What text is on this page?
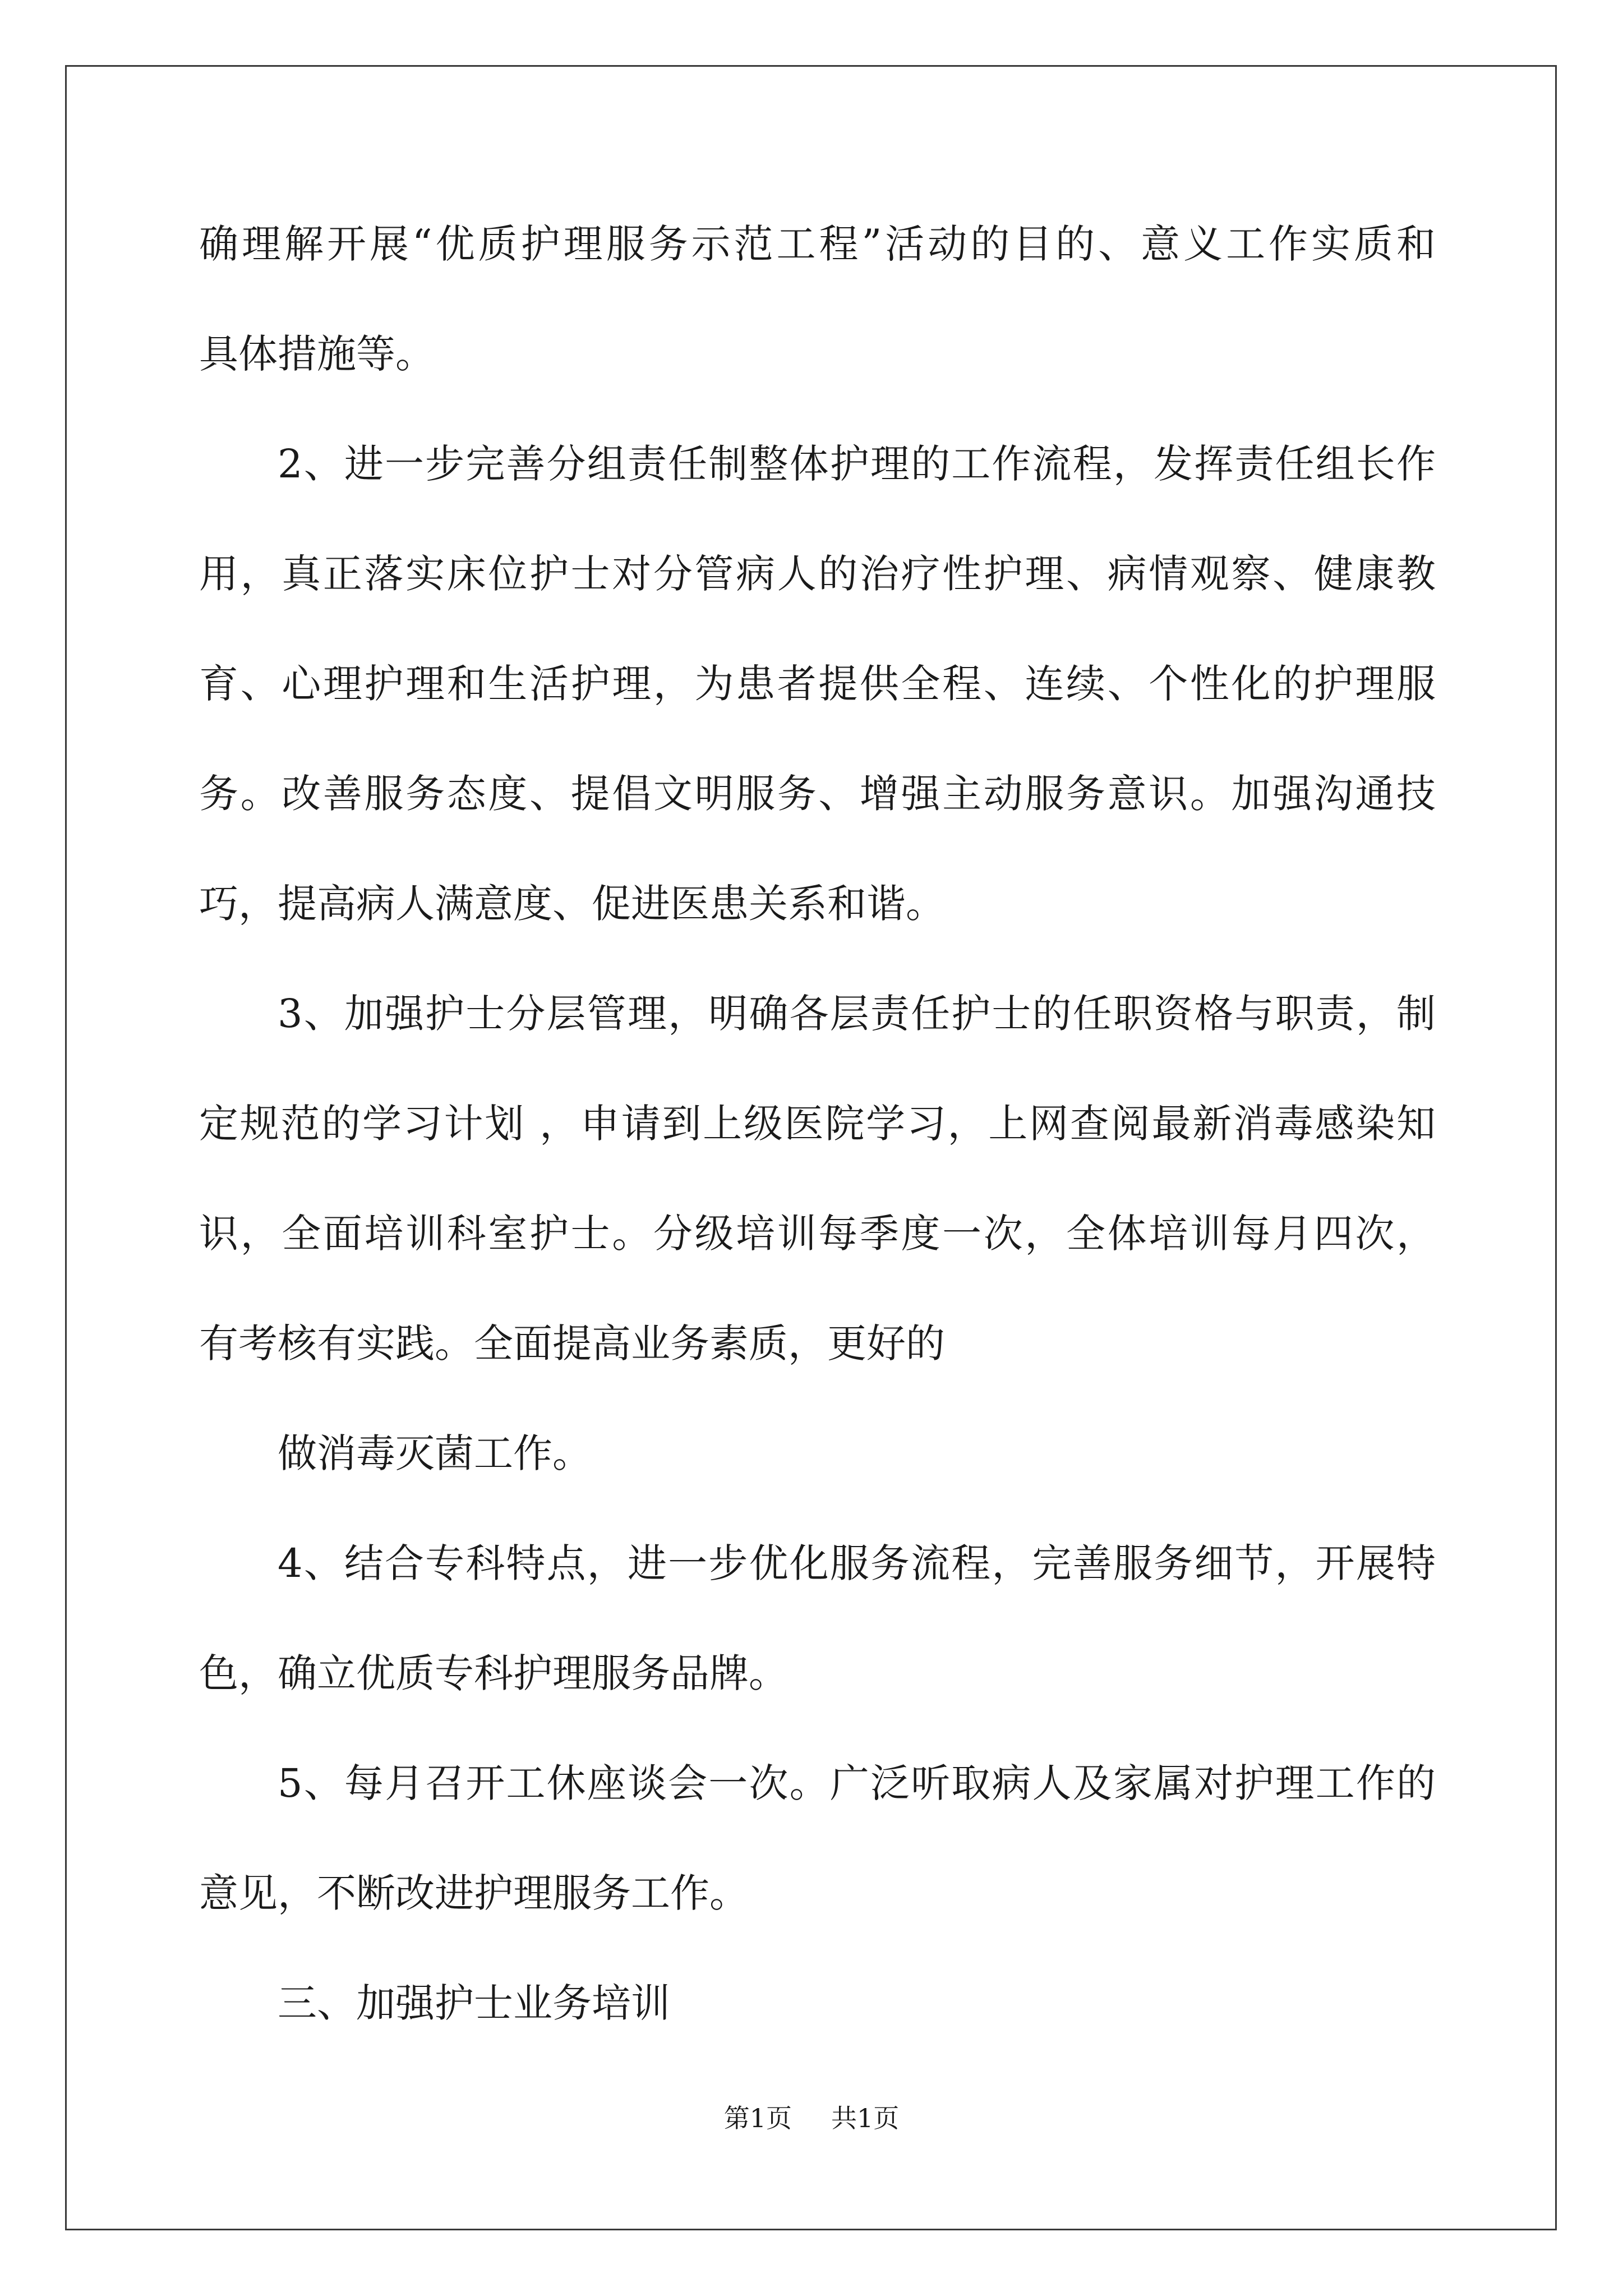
确理解开展“优质护理服务示范工程”活动的目的、意义工作实质和
具体措施等。
2、进一步完善分组责任制整体护理的工作流程，发挥责任组长作
用，真正落实床位护士对分管病人的治疗性护理、病情观察、健康教
育、心理护理和生活护理，为患者提供全程、连续、个性化的护理服
务。改善服务态度、提倡文明服务、增强主动服务意识。加强沟通技
巧，提高病人满意度、促进医患关系和谐。
3、加强护士分层管理，明确各层责任护士的任职资格与职责，制
定规范的学习计划 ，申请到上级医院学习，上网查阅最新消毒感染知
识，全面培训科室护士。分级培训每季度一次，全体培训每月四次，
有考核有实践。全面提高业务素质，更好的
做消毒灭菌工作。
4、结合专科特点，进一步优化服务流程，完善服务细节，开展特
色，确立优质专科护理服务品牌。
5、每月召开工休座谈会一次。广泛听取病人及家属对护理工作的
意见，不断改进护理服务工作。
三、加强护士业务培训
第1页 共1页
